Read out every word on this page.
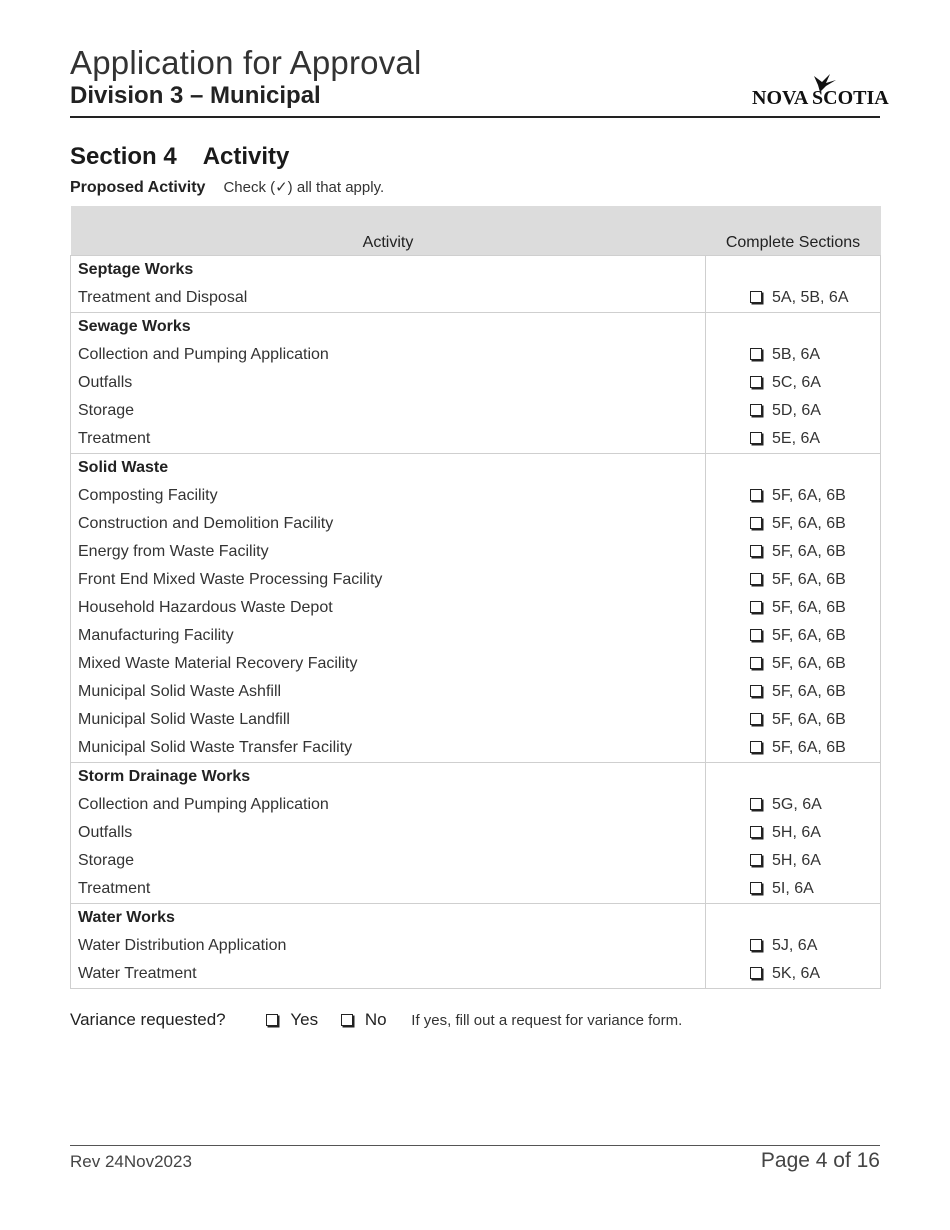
Application for Approval
Division 3 – Municipal	NOVA SCOTIA
Section 4 Activity
Proposed Activity Check (✓) all that apply.
Activity	Complete Sections
Septage Works	
Treatment and Disposal	5A, 5B, 6A
Sewage Works	
Collection and Pumping Application	5B, 6A
Outfalls	5C, 6A
Storage	5D, 6A
Treatment	5E, 6A
Solid Waste	
Composting Facility	5F, 6A, 6B
Construction and Demolition Facility	5F, 6A, 6B
Energy from Waste Facility	5F, 6A, 6B
Front End Mixed Waste Processing Facility	5F, 6A, 6B
Household Hazardous Waste Depot	5F, 6A, 6B
Manufacturing Facility	5F, 6A, 6B
Mixed Waste Material Recovery Facility	5F, 6A, 6B
Municipal Solid Waste Ashfill	5F, 6A, 6B
Municipal Solid Waste Landfill	5F, 6A, 6B
Municipal Solid Waste Transfer Facility	5F, 6A, 6B
Storm Drainage Works	
Collection and Pumping Application	5G, 6A
Outfalls	5H, 6A
Storage	5H, 6A
Treatment	5I, 6A
Water Works	
Water Distribution Application	5J, 6A
Water Treatment	5K, 6A
Variance requested?	Yes	No If yes, fill out a request for variance form.
Rev 24Nov2023	Page 4 of 16
